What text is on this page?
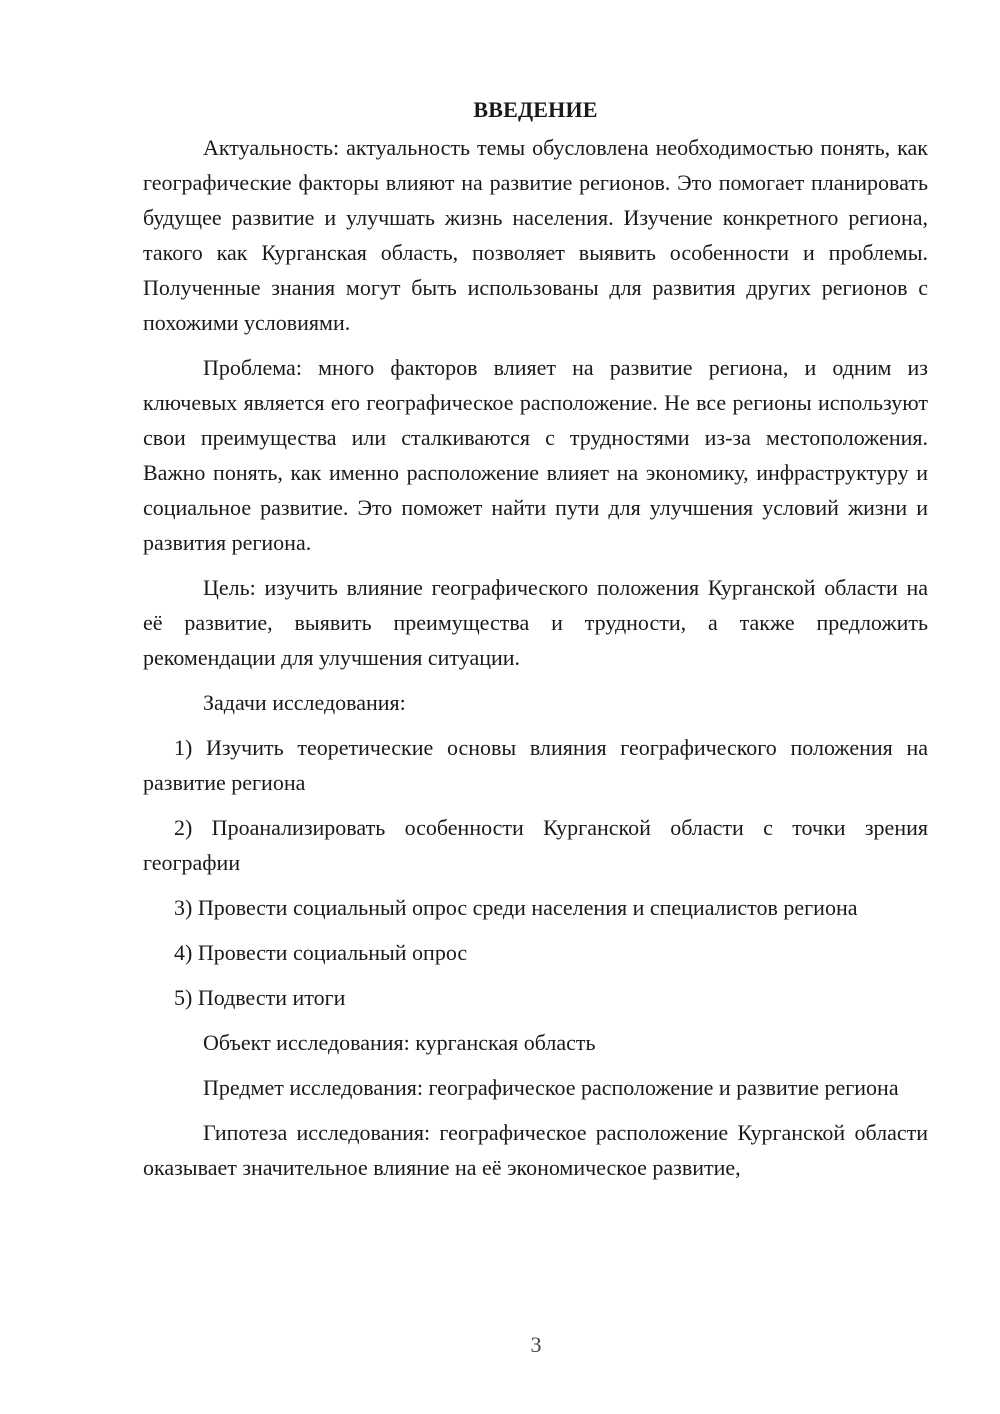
ВВЕДЕНИЕ

Актуальность: актуальность темы обусловлена необходимостью понять, как географические факторы влияют на развитие регионов. Это помогает планировать будущее развитие и улучшать жизнь населения. Изучение конкретного региона, такого как Курганская область, позволяет выявить особенности и проблемы. Полученные знания могут быть использованы для развития других регионов с похожими условиями.

Проблема: много факторов влияет на развитие региона, и одним из ключевых является его географическое расположение. Не все регионы используют свои преимущества или сталкиваются с трудностями из-за местоположения. Важно понять, как именно расположение влияет на экономику, инфраструктуру и социальное развитие. Это поможет найти пути для улучшения условий жизни и развития региона.

Цель: изучить влияние географического положения Курганской области на её развитие, выявить преимущества и трудности, а также предложить рекомендации для улучшения ситуации.

Задачи исследования:

1) Изучить теоретические основы влияния географического положения на развитие региона

2) Проанализировать особенности Курганской области с точки зрения географии

3) Провести социальный опрос среди населения и специалистов региона

4) Провести социальный опрос

5) Подвести итоги

Объект исследования: курганская область

Предмет исследования: географическое расположение и развитие региона

Гипотеза исследования: географическое расположение Курганской области оказывает значительное влияние на её экономическое развитие,

3
